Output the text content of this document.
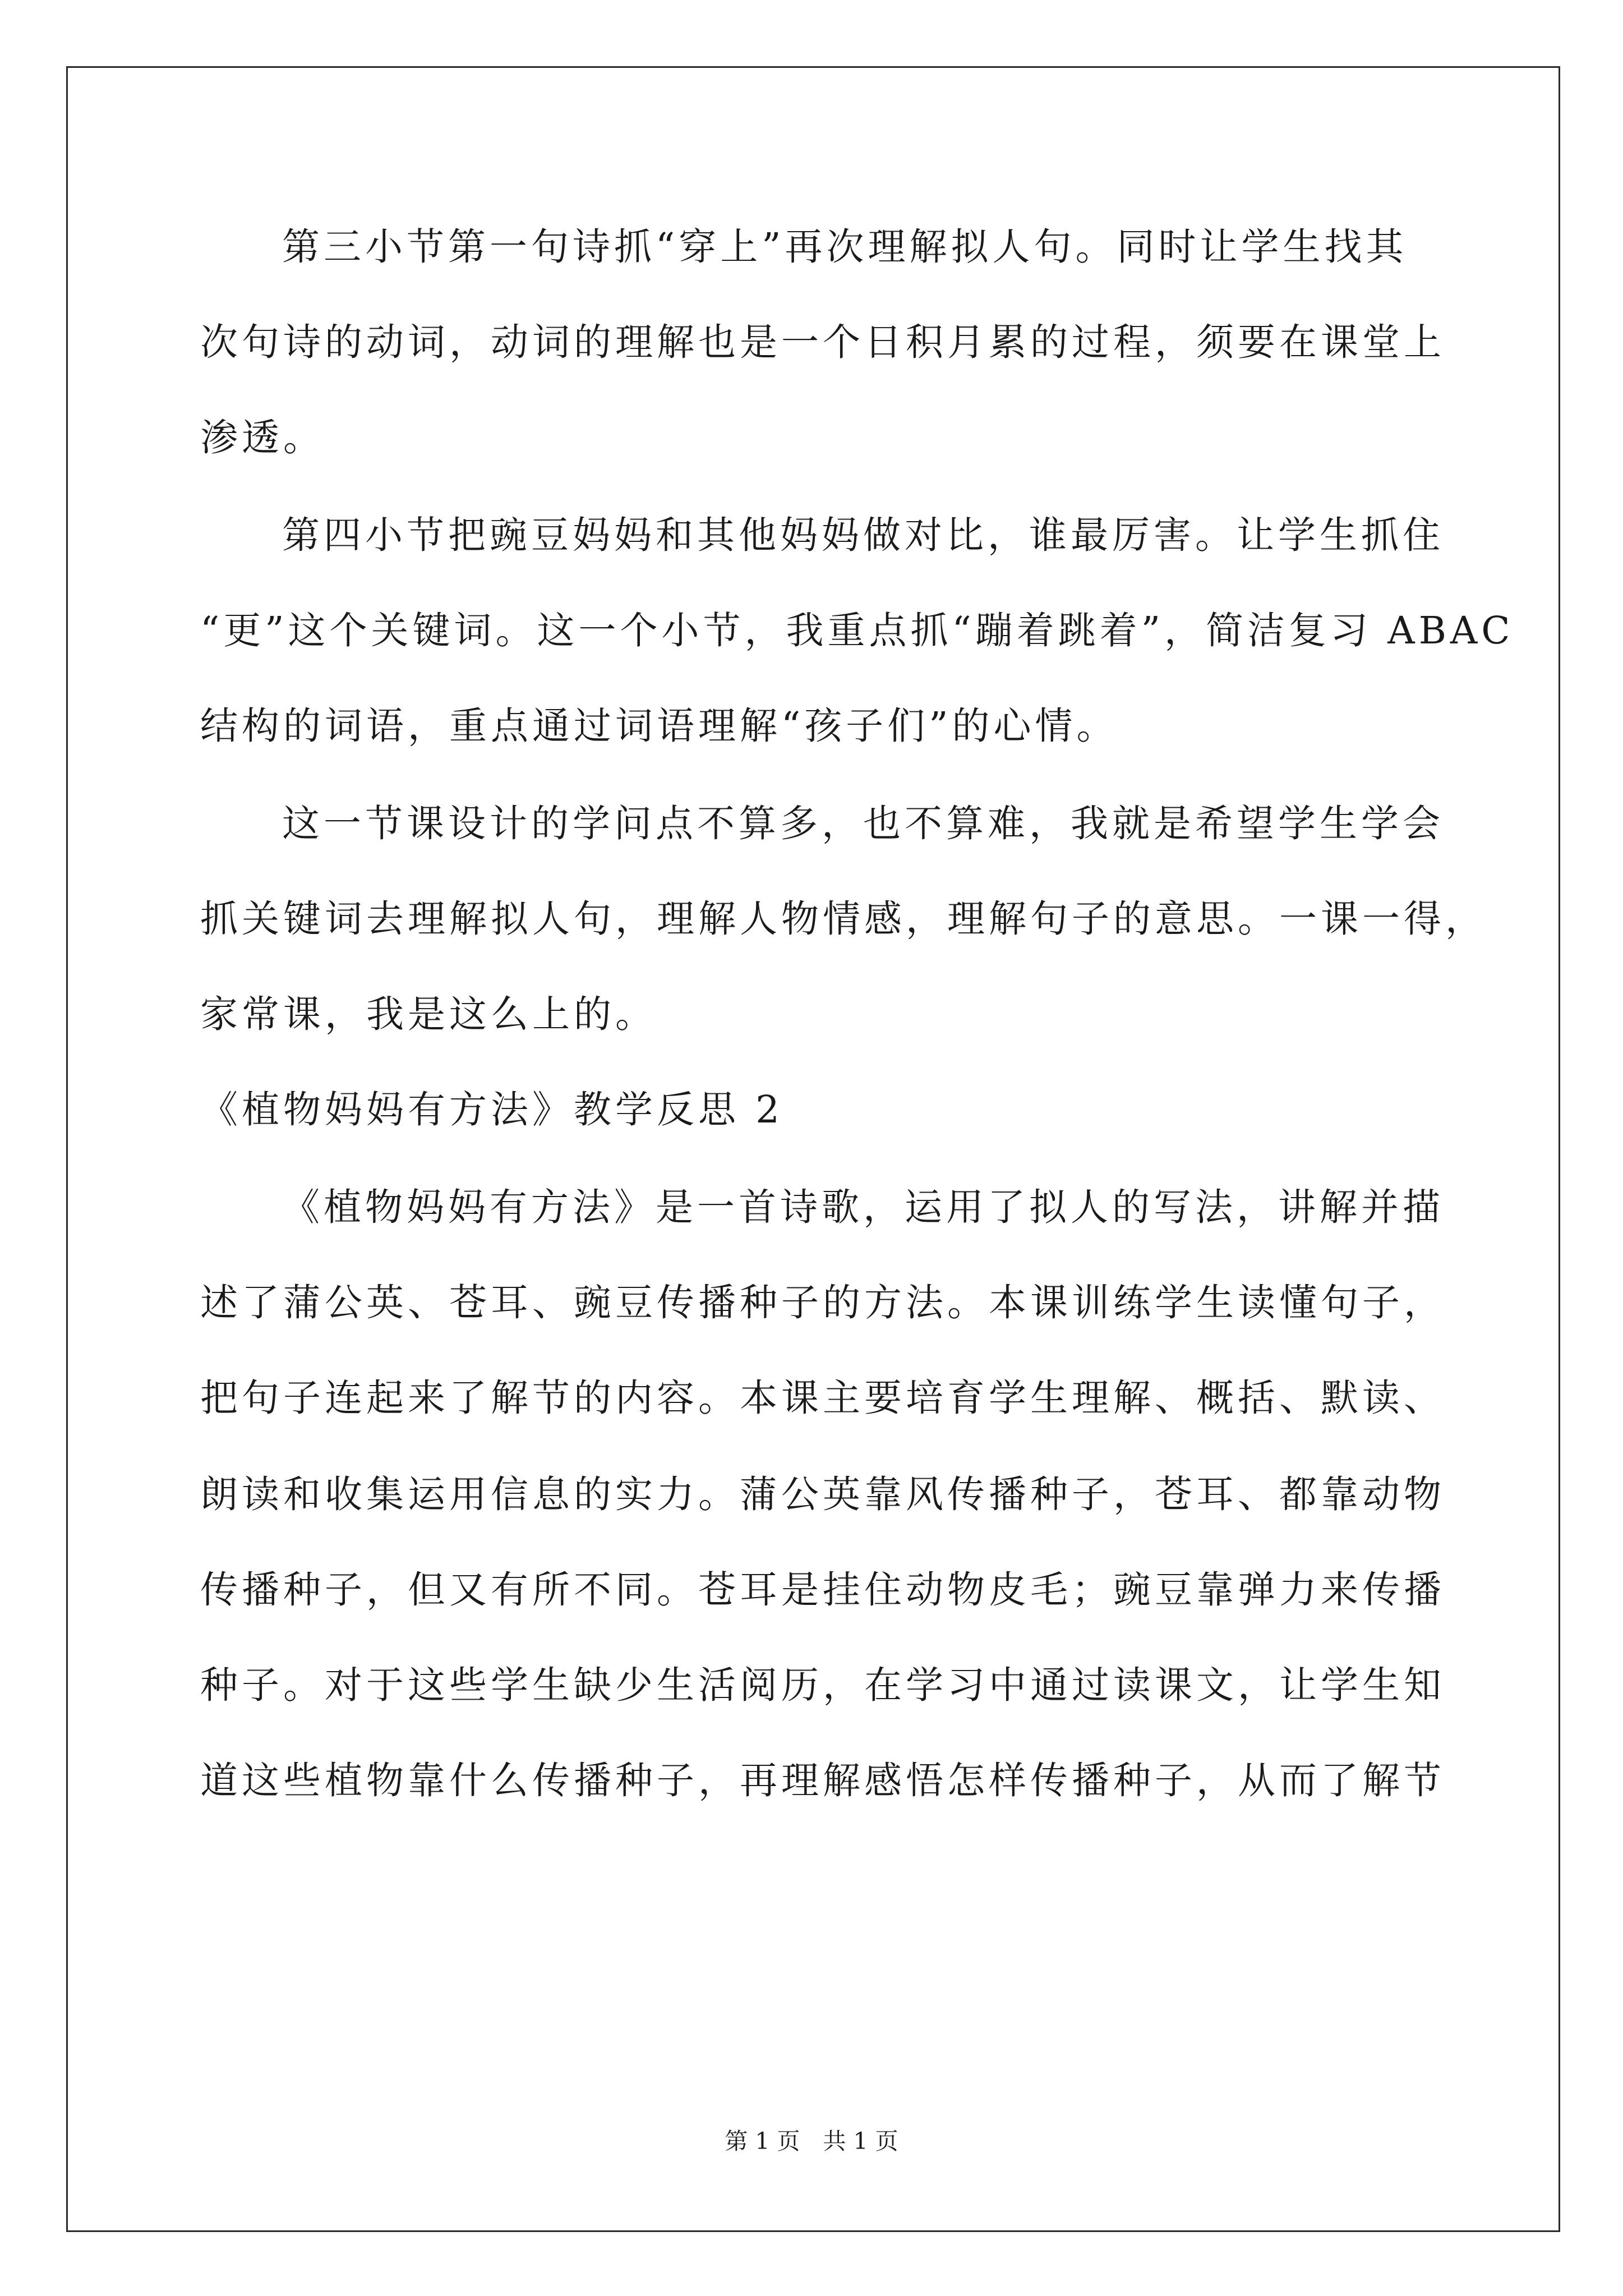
第三小节第一句诗抓“穿上”再次理解拟人句。同时让学生找其
次句诗的动词，动词的理解也是一个日积月累的过程，须要在课堂上
渗透。
第四小节把豌豆妈妈和其他妈妈做对比，谁最厉害。让学生抓住
“更”这个关键词。这一个小节，我重点抓“蹦着跳着”，简洁复习 ABAC
结构的词语，重点通过词语理解“孩子们”的心情。
这一节课设计的学问点不算多，也不算难，我就是希望学生学会
抓关键词去理解拟人句，理解人物情感，理解句子的意思。一课一得，
家常课，我是这么上的。
《植物妈妈有方法》教学反思 2
《植物妈妈有方法》是一首诗歌，运用了拟人的写法，讲解并描
述了蒲公英、苍耳、豌豆传播种子的方法。本课训练学生读懂句子，
把句子连起来了解节的内容。本课主要培育学生理解、概括、默读、
朗读和收集运用信息的实力。蒲公英靠风传播种子，苍耳、都靠动物
传播种子，但又有所不同。苍耳是挂住动物皮毛；豌豆靠弹力来传播
种子。对于这些学生缺少生活阅历，在学习中通过读课文，让学生知
道这些植物靠什么传播种子，再理解感悟怎样传播种子，从而了解节
第 1 页　共 1 页
